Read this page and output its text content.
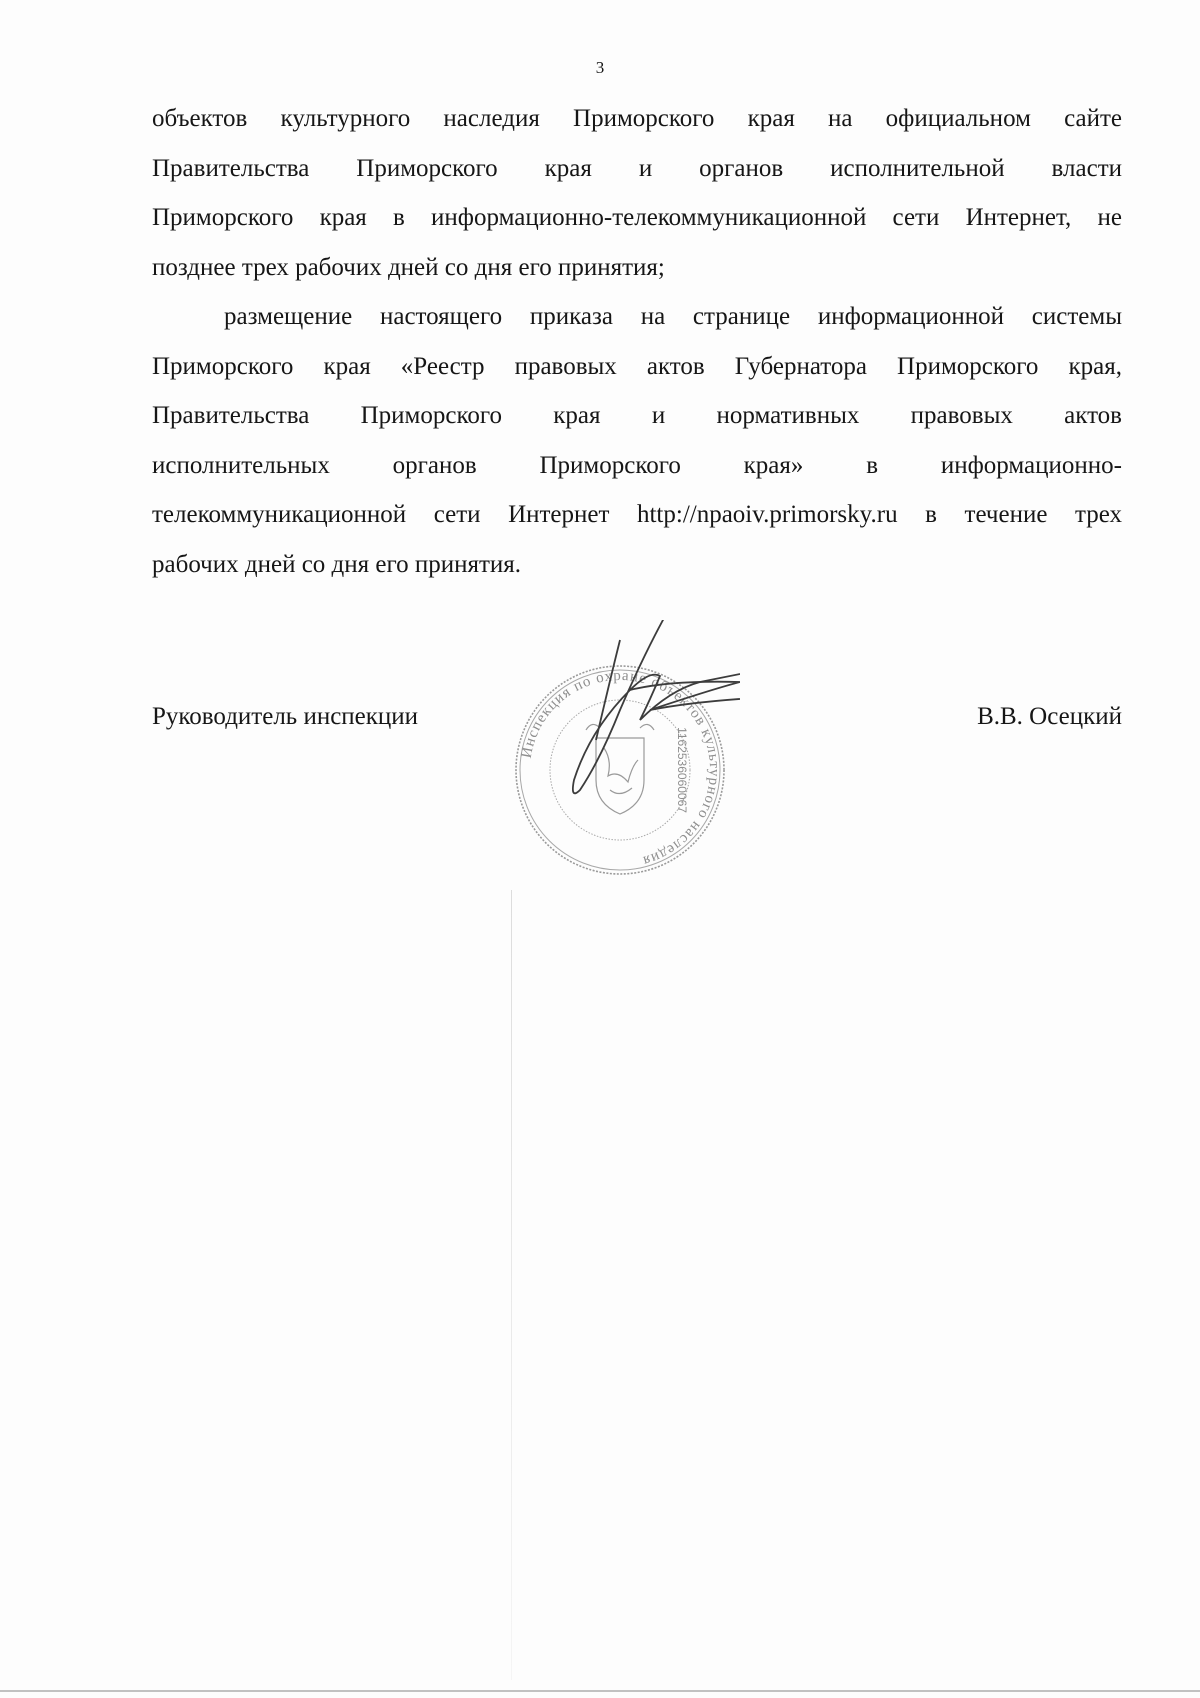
3
объектов культурного наследия Приморского края на официальном сайте
Правительства Приморского края и органов исполнительной власти
Приморского края в информационно-телекоммуникационной сети Интернет, не
позднее трех рабочих дней со дня его принятия;
размещение настоящего приказа на странице информационной системы
Приморского края «Реестр правовых актов Губернатора Приморского края,
Правительства Приморского края и нормативных правовых актов
исполнительных органов Приморского края» в информационно-
телекоммуникационной сети Интернет http://npaoiv.primorsky.ru в течение трех
рабочих дней со дня его принятия.
Инспекция по охране объектов культурного наследия
1162536060067
Руководитель инспекции	В.В. Осецкий
